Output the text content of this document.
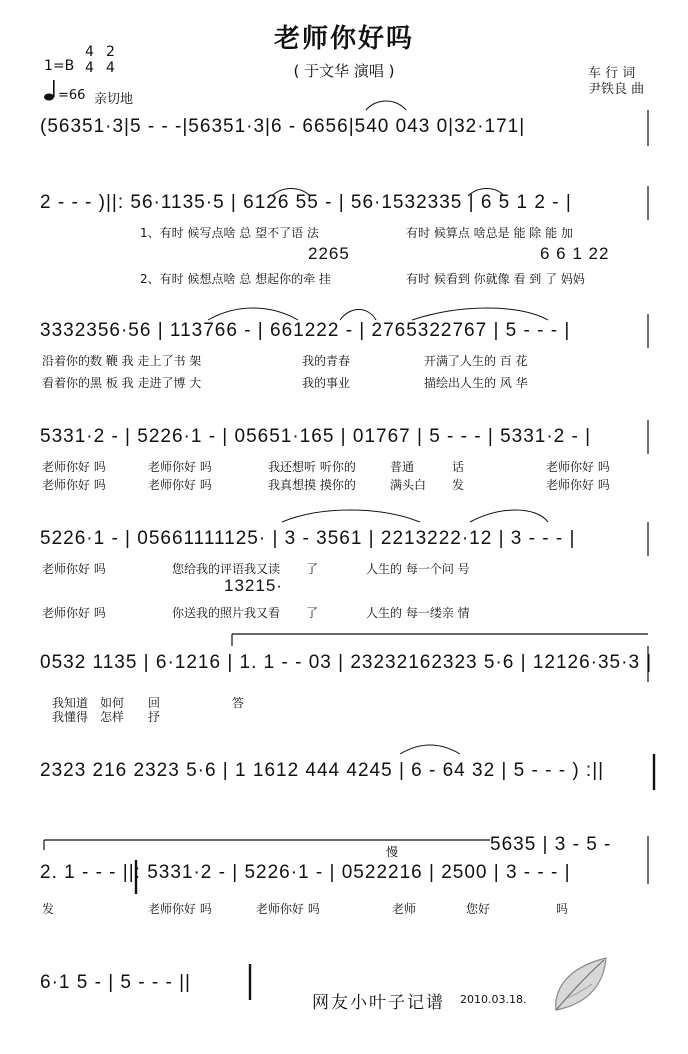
老师你好吗
( 于文华 演唱 )
1=B
4
4
2
4
=66 亲切地
车 行 词
尹铁良 曲
(56351·3|5 - - -|56351·3|6 - 6656|540 043 0|32·171|
2 - - - )||: 56·1135·5 | 6126 55 - | 56·1532335 | 6 5 1 2 - |
1、有时 候写点啥 总 望不了语 法	有时 候算点 啥总是 能 除 能 加
2265	6 6 1 22
2、有时 候想点啥 总 想起你的牵 挂	有时 候看到 你就像 看 到 了 妈妈
3332356·56 | 113766 - | 661222 - | 2765322767 | 5 - - - |
沿着你的数 鞭 我 走上了书 架	我的青春	开满了人生的 百 花
看着你的黑 板 我 走进了博 大	我的事业	描绘出人生的 风 华
5331·2 - | 5226·1 - | 05651·165 | 01767 | 5 - - - | 5331·2 - |
老师你好 吗	老师你好 吗	我还想听 听你的	普通	话	老师你好 吗
老师你好 吗	老师你好 吗	我真想摸 摸你的	满头白 发	老师你好 吗
5226·1 - | 05661111125· | 3 - 3561 | 2213222·12 | 3 - - - |
老师你好 吗	您给我的评语我又读 了	人生的 每一个问 号
13215·
老师你好 吗	你送我的照片我又看 了	人生的 每一缕亲 情
0532 1135 | 6·1216 | 1. 1 - - 03 | 23232162323 5·6 | 12126·35·3 |
我知道 如何 回	答
我懂得 怎样 抒
2323 216 2323 5·6 | 1 1612 444 4245 | 6 - 64 32 | 5 - - - ) :||
慢	5635 | 3 - 5 -
2. 1 - - - ||: 5331·2 - | 5226·1 - | 0522216 | 2500 | 3 - - - |
发	老师你好 吗	老师你好 吗	老师	您好	吗
6·1 5 - | 5 - - - ||
网友小叶子记谱 2010.03.18.
